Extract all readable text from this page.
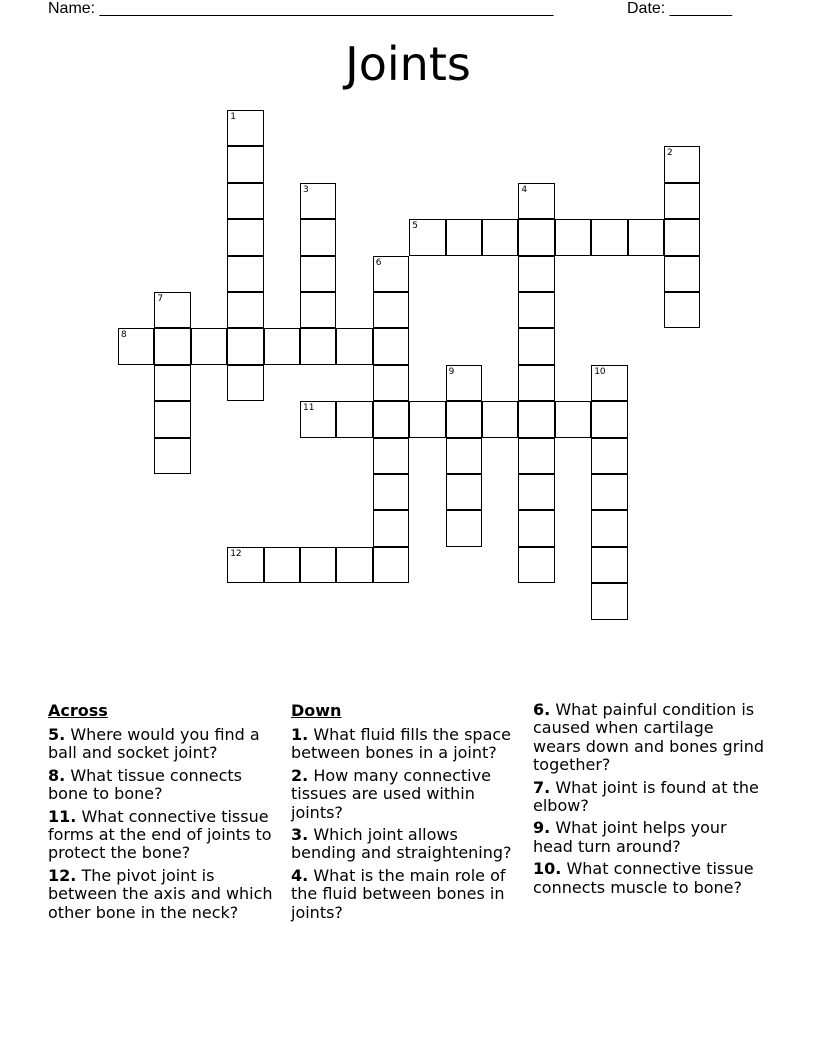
Name: ___________________________________________________	Date: _______
Joints
1
2
3	4
5
6
7
8
9	10
11
12
Across
5. Where would you find a ball and socket joint?
8. What tissue connects bone to bone?
11. What connective tissue forms at the end of joints to protect the bone?
12. The pivot joint is between the axis and which other bone in the neck?
Down
1. What fluid fills the space between bones in a joint?
2. How many connective tissues are used within joints?
3. Which joint allows bending and straightening?
4. What is the main role of the fluid between bones in joints?
6. What painful condition is caused when cartilage wears down and bones grind together?
7. What joint is found at the elbow?
9. What joint helps your head turn around?
10. What connective tissue connects muscle to bone?
